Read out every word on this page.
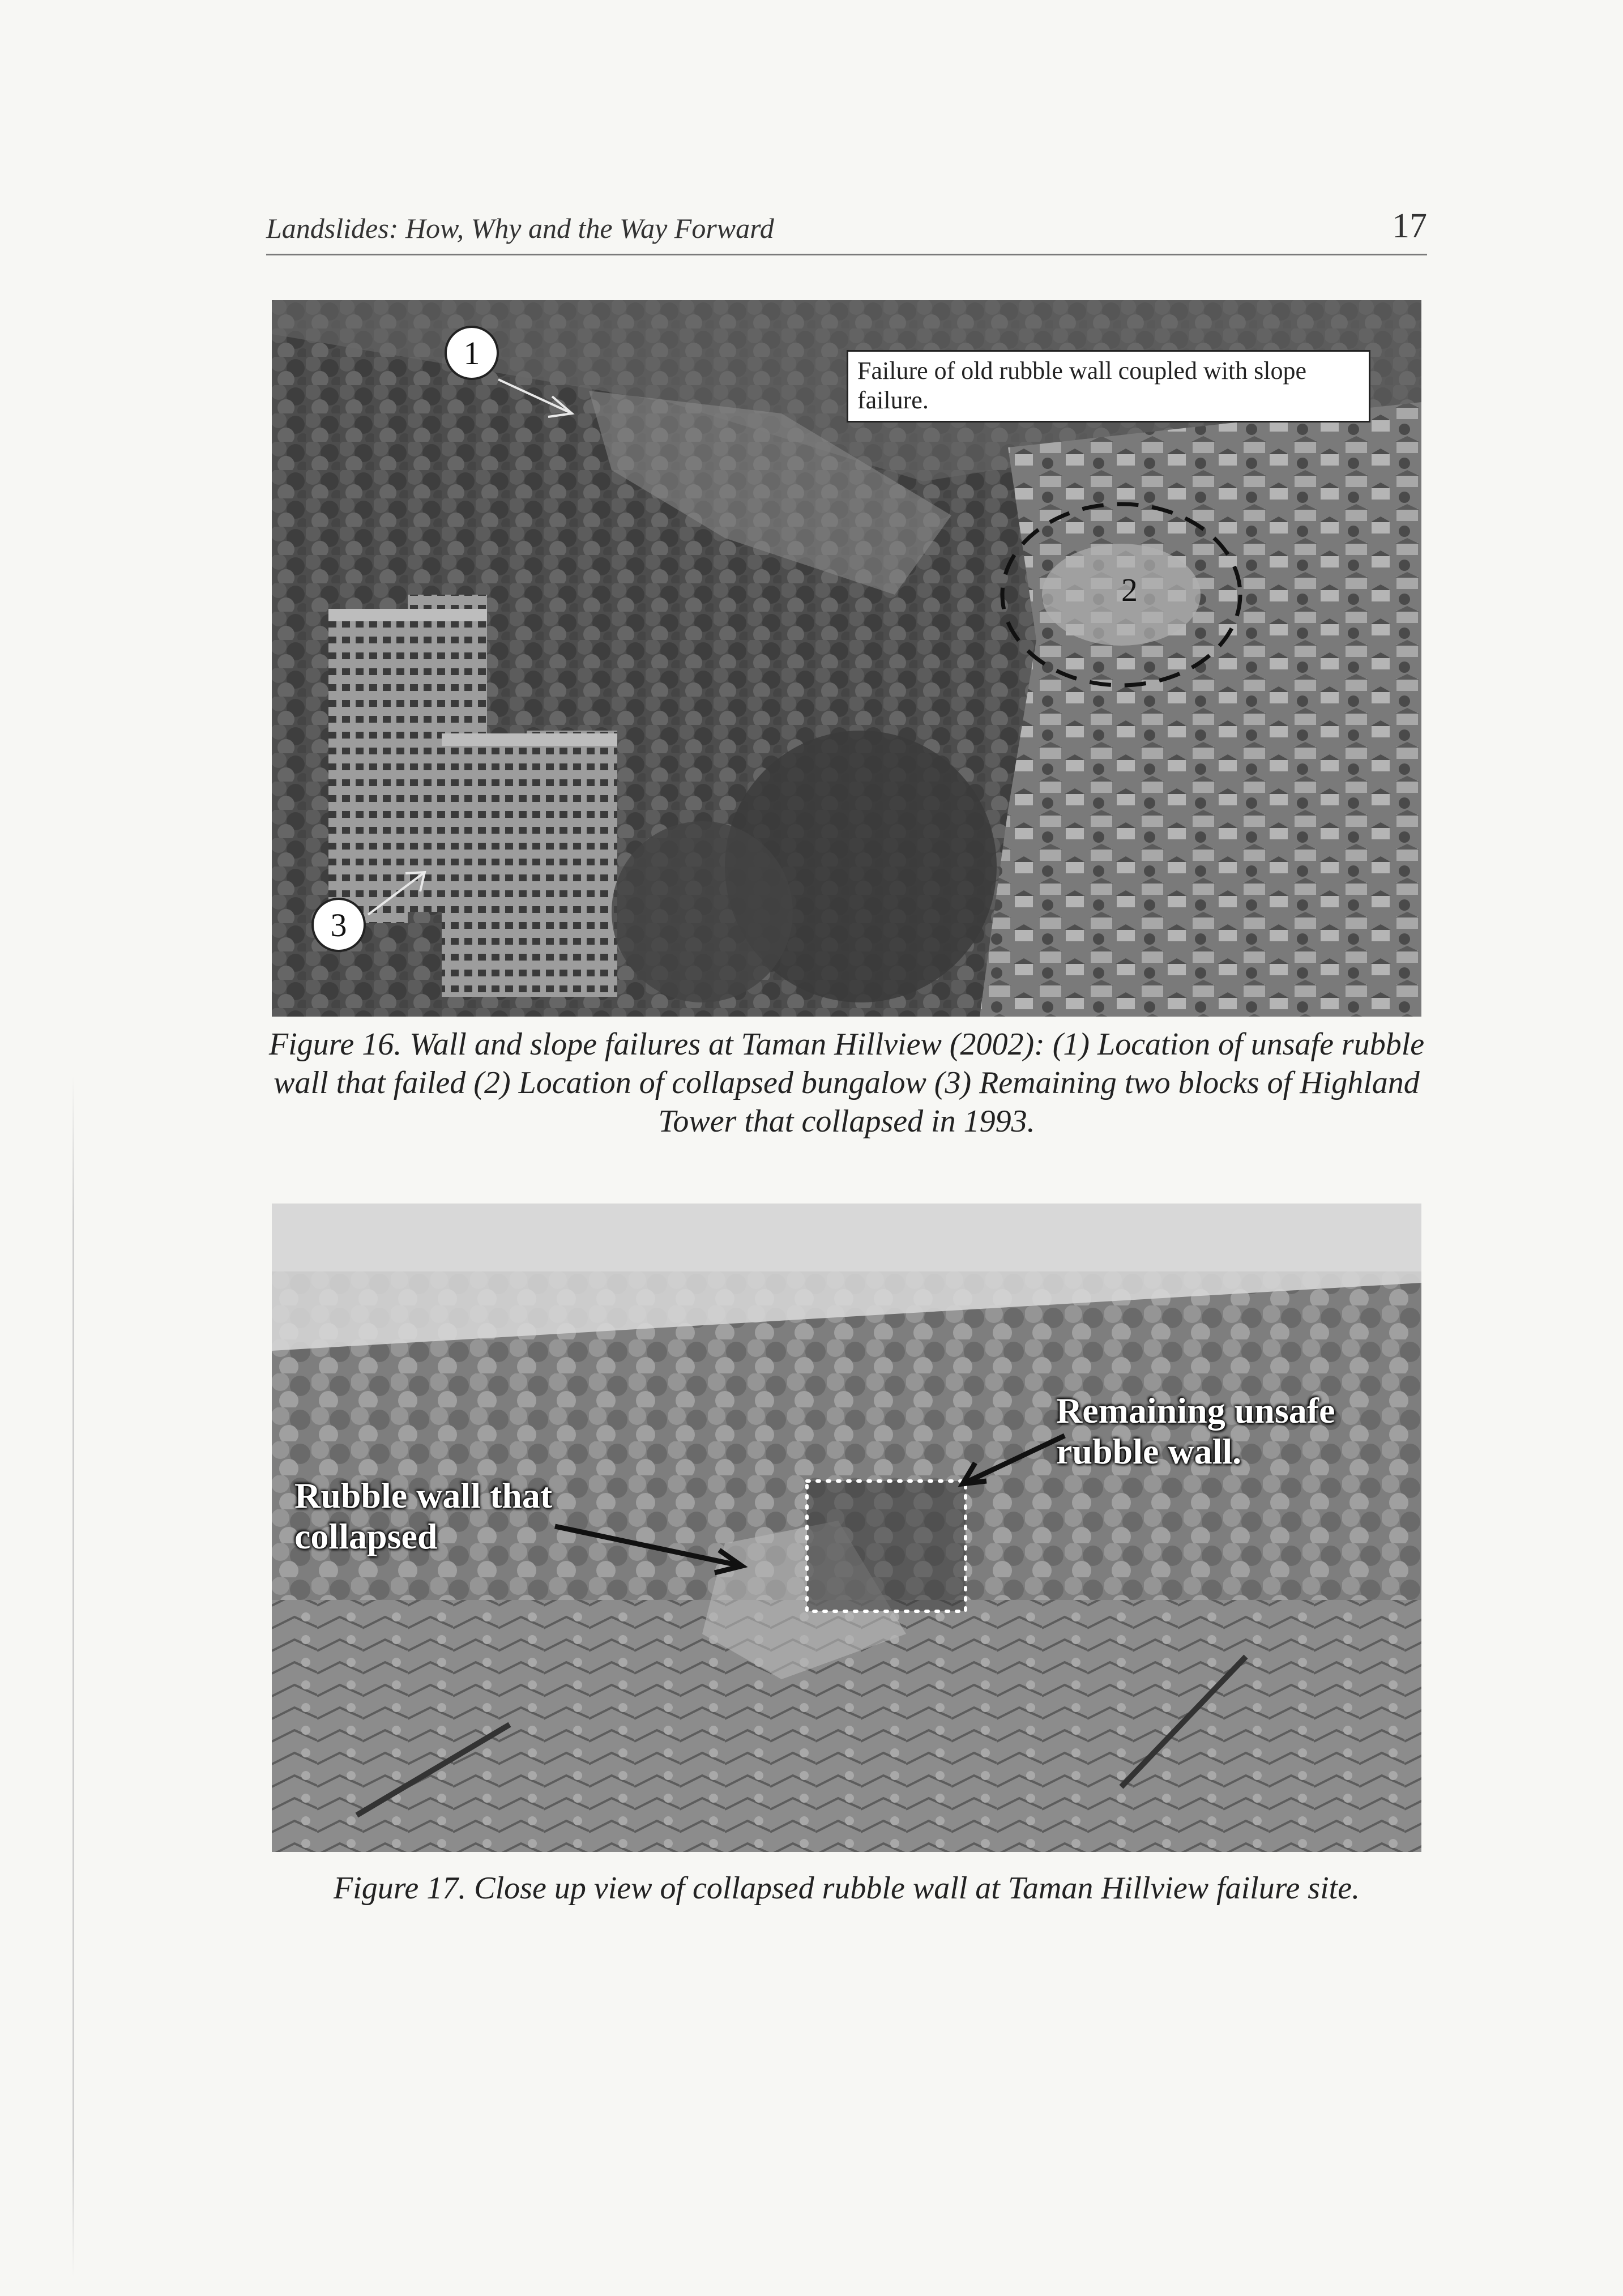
Landslides: How, Why and the Way Forward	17
Failure of old rubble wall coupled with slope failure.
1
2
3
Figure 16. Wall and slope failures at Taman Hillview (2002): (1) Location of unsafe rubble wall that failed (2) Location of collapsed bungalow (3) Remaining two blocks of Highland Tower that collapsed in 1993.
Rubble wall that collapsed
Remaining unsafe rubble wall.
Figure 17. Close up view of collapsed rubble wall at Taman Hillview failure site.
